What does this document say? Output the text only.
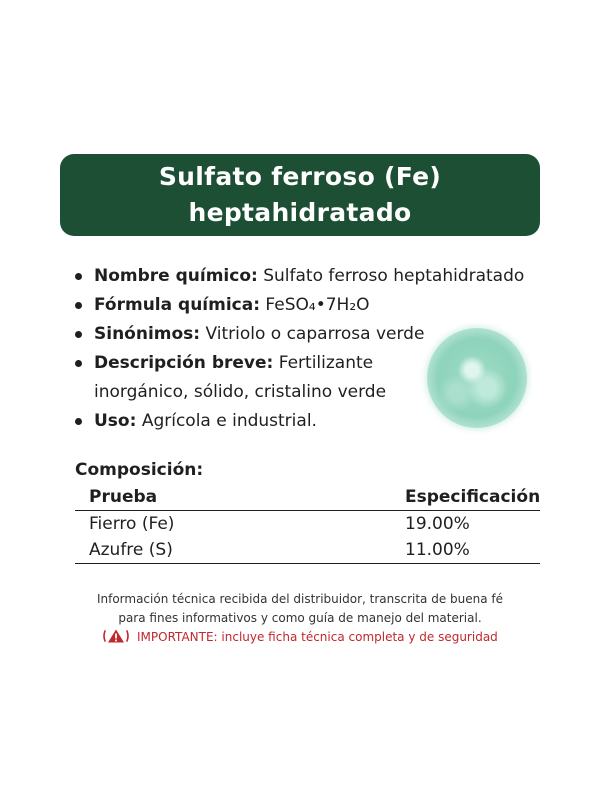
Sulfato ferroso (Fe)
heptahidratado
Nombre químico: Sulfato ferroso heptahidratado
Fórmula química: FeSO₄•7H₂O
Sinónimos: Vitriolo o caparrosa verde
Descripción breve: Fertilizante inorgánico, sólido, cristalino verde
Uso: Agrícola e industrial.
Composición:
Prueba	Especificación
Fierro (Fe)	19.00%
Azufre (S)	11.00%
Información técnica recibida del distribuidor, transcrita de buena fé
para fines informativos y como guía de manejo del material.
IMPORTANTE: incluye ficha técnica completa y de seguridad
